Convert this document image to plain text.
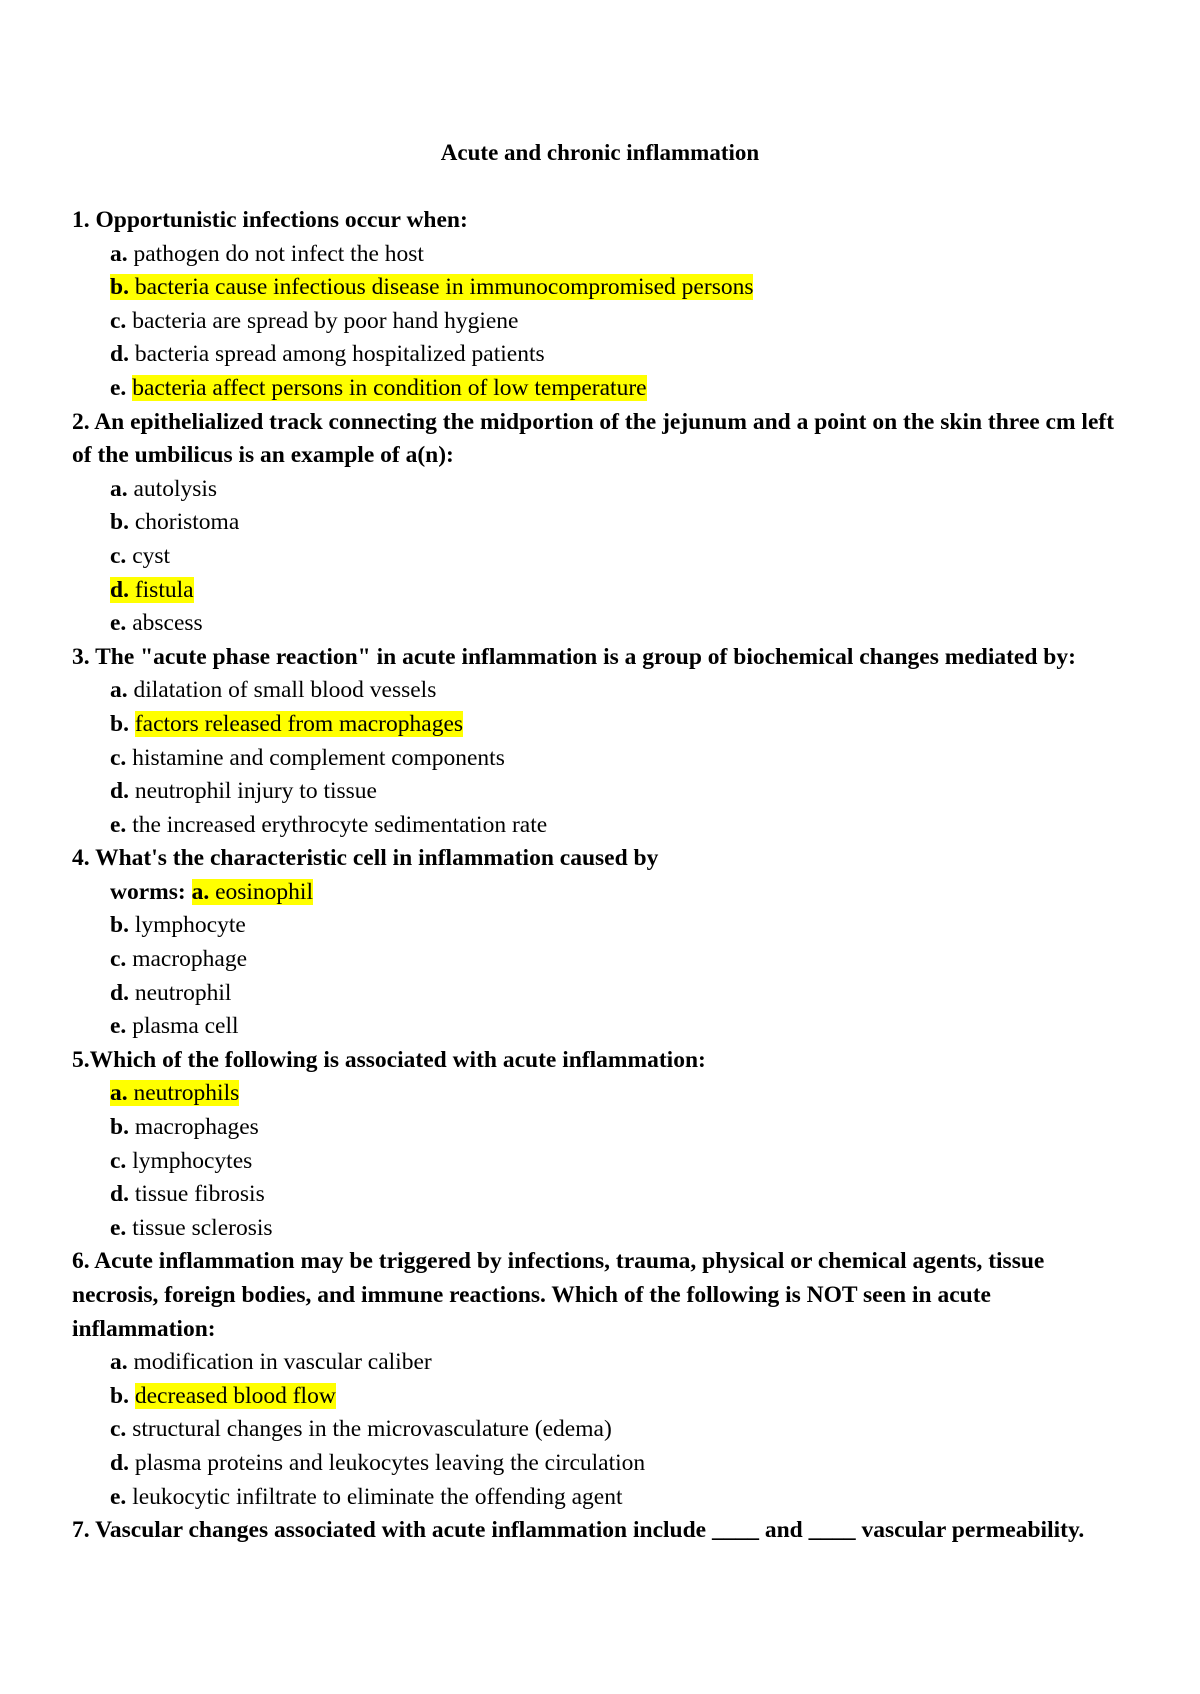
Acute and chronic inflammation

1. Opportunistic infections occur when:

a. pathogen do not infect the host

b. bacteria cause infectious disease in immunocompromised persons

c. bacteria are spread by poor hand hygiene

d. bacteria spread among hospitalized patients

e. bacteria affect persons in condition of low temperature

2. An epithelialized track connecting the midportion of the jejunum and a point on the skin three cm left of the umbilicus is an example of a(n):

a. autolysis

b. choristoma

c. cyst

d. fistula

e. abscess

3. The "acute phase reaction" in acute inflammation is a group of biochemical changes mediated by:

a. dilatation of small blood vessels

b. factors released from macrophages

c. histamine and complement components

d. neutrophil injury to tissue

e. the increased erythrocyte sedimentation rate

4. What's the characteristic cell in inflammation caused by

worms: a. eosinophil

b. lymphocyte

c. macrophage

d. neutrophil

e. plasma cell

5.Which of the following is associated with acute inflammation:

a. neutrophils

b. macrophages

c. lymphocytes

d. tissue fibrosis

e. tissue sclerosis

6. Acute inflammation may be triggered by infections, trauma, physical or chemical agents, tissue necrosis, foreign bodies, and immune reactions. Which of the following is NOT seen in acute inflammation:

a. modification in vascular caliber

b. decreased blood flow

c. structural changes in the microvasculature (edema)

d. plasma proteins and leukocytes leaving the circulation

e. leukocytic infiltrate to eliminate the offending agent

7. Vascular changes associated with acute inflammation include ____ and ____ vascular permeability.
